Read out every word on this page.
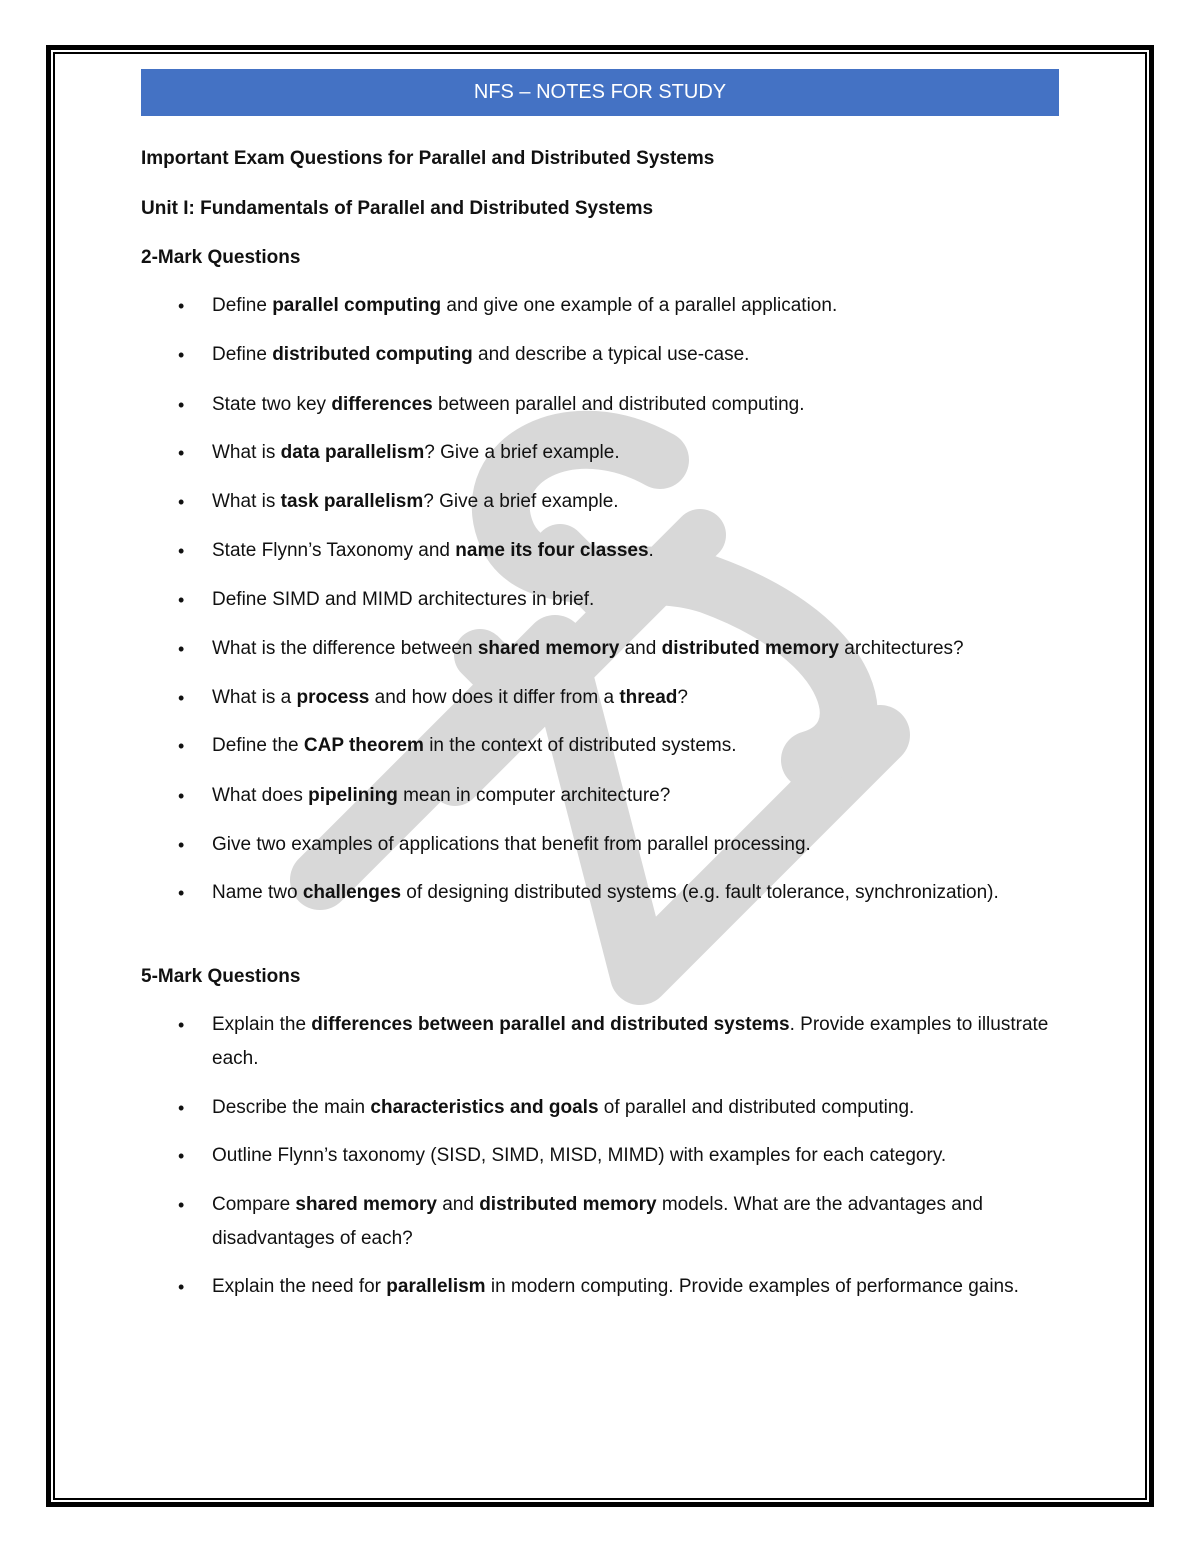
NFS – NOTES FOR STUDY
Important Exam Questions for Parallel and Distributed Systems
Unit I: Fundamentals of Parallel and Distributed Systems
2-Mark Questions
• Define parallel computing and give one example of a parallel application.
• Define distributed computing and describe a typical use-case.
• State two key differences between parallel and distributed computing.
• What is data parallelism? Give a brief example.
• What is task parallelism? Give a brief example.
• State Flynn’s Taxonomy and name its four classes.
• Define SIMD and MIMD architectures in brief.
• What is the difference between shared memory and distributed memory architectures?
• What is a process and how does it differ from a thread?
• Define the CAP theorem in the context of distributed systems.
• What does pipelining mean in computer architecture?
• Give two examples of applications that benefit from parallel processing.
• Name two challenges of designing distributed systems (e.g. fault tolerance, synchronization).
5-Mark Questions
• Explain the differences between parallel and distributed systems. Provide examples to illustrate each.
• Describe the main characteristics and goals of parallel and distributed computing.
• Outline Flynn’s taxonomy (SISD, SIMD, MISD, MIMD) with examples for each category.
• Compare shared memory and distributed memory models. What are the advantages and disadvantages of each?
• Explain the need for parallelism in modern computing. Provide examples of performance gains.
